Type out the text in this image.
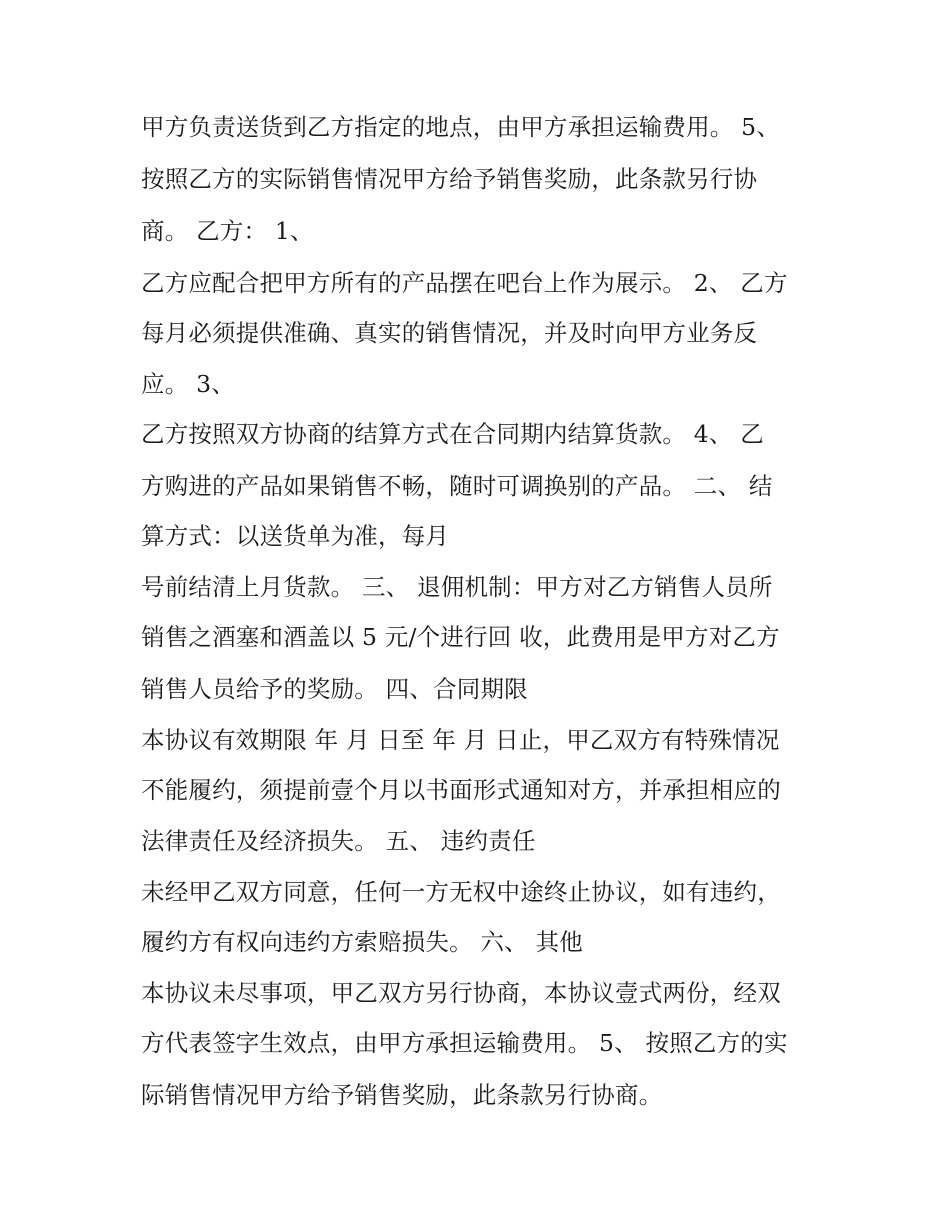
甲方负责送货到乙方指定的地点，由甲方承担运输费用。 5、
按照乙方的实际销售情况甲方给予销售奖励，此条款另行协
商。 乙方： 1、
乙方应配合把甲方所有的产品摆在吧台上作为展示。 2、 乙方
每月必须提供准确、真实的销售情况，并及时向甲方业务反
应。 3、
乙方按照双方协商的结算方式在合同期内结算货款。 4、 乙
方购进的产品如果销售不畅，随时可调换别的产品。 二、 结
算方式：以送货单为准，每月
号前结清上月货款。 三、 退佣机制：甲方对乙方销售人员所
销售之酒塞和酒盖以 5 元/个进行回 收，此费用是甲方对乙方
销售人员给予的奖励。 四、合同期限
本协议有效期限 年 月 日至 年 月 日止，甲乙双方有特殊情况
不能履约，须提前壹个月以书面形式通知对方，并承担相应的
法律责任及经济损失。 五、 违约责任
未经甲乙双方同意，任何一方无权中途终止协议，如有违约，
履约方有权向违约方索赔损失。 六、 其他
本协议未尽事项，甲乙双方另行协商，本协议壹式两份，经双
方代表签字生效点，由甲方承担运输费用。 5、 按照乙方的实
际销售情况甲方给予销售奖励，此条款另行协商。
